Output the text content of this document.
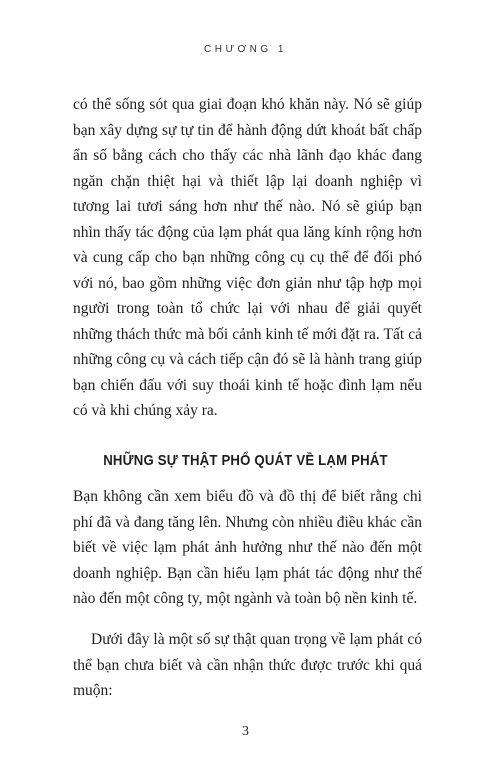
CHƯƠNG 1

có thể sống sót qua giai đoạn khó khăn này. Nó sẽ giúp bạn xây dựng sự tự tin để hành động dứt khoát bất chấp ẩn số bằng cách cho thấy các nhà lãnh đạo khác đang ngăn chặn thiệt hại và thiết lập lại doanh nghiệp vì tương lai tươi sáng hơn như thế nào. Nó sẽ giúp bạn nhìn thấy tác động của lạm phát qua lăng kính rộng hơn và cung cấp cho bạn những công cụ cụ thể để đối phó với nó, bao gồm những việc đơn giản như tập hợp mọi người trong toàn tổ chức lại với nhau để giải quyết những thách thức mà bối cảnh kinh tế mới đặt ra. Tất cả những công cụ và cách tiếp cận đó sẽ là hành trang giúp bạn chiến đấu với suy thoái kinh tế hoặc đình lạm nếu có và khi chúng xảy ra.

NHỮNG SỰ THẬT PHỔ QUÁT VỀ LẠM PHÁT

Bạn không cần xem biểu đồ và đồ thị để biết rằng chi phí đã và đang tăng lên. Nhưng còn nhiều điều khác cần biết về việc lạm phát ảnh hưởng như thế nào đến một doanh nghiệp. Bạn cần hiểu lạm phát tác động như thế nào đến một công ty, một ngành và toàn bộ nền kinh tế.

Dưới đây là một số sự thật quan trọng về lạm phát có thể bạn chưa biết và cần nhận thức được trước khi quá muộn:

3
